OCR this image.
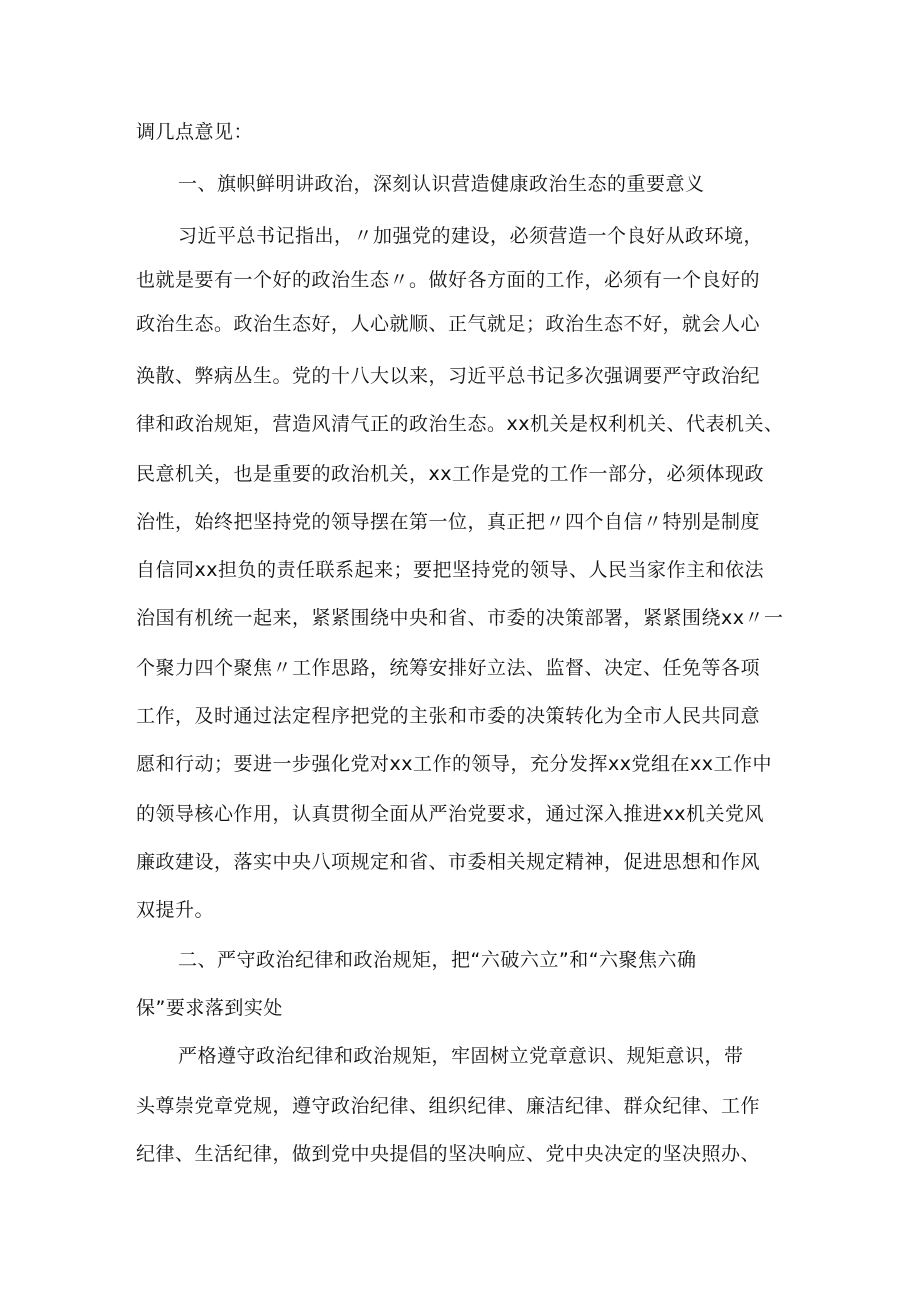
调几点意见：

一、旗帜鲜明讲政治，深刻认识营造健康政治生态的重要意义

习近平总书记指出，〃加强党的建设，必须营造一个良好从政环境，

也就是要有一个好的政治生态〃。做好各方面的工作，必须有一个良好的

政治生态。政治生态好，人心就顺、正气就足；政治生态不好，就会人心

涣散、弊病丛生。党的十八大以来，习近平总书记多次强调要严守政治纪

律和政治规矩，营造风清气正的政治生态。xx机关是权利机关、代表机关、

民意机关，也是重要的政治机关，xx工作是党的工作一部分，必须体现政

治性，始终把坚持党的领导摆在第一位，真正把〃四个自信〃特别是制度

自信同xx担负的责任联系起来；要把坚持党的领导、人民当家作主和依法

治国有机统一起来，紧紧围绕中央和省、市委的决策部署，紧紧围绕xx〃一

个聚力四个聚焦〃工作思路，统筹安排好立法、监督、决定、任免等各项

工作，及时通过法定程序把党的主张和市委的决策转化为全市人民共同意

愿和行动；要进一步强化党对xx工作的领导，充分发挥xx党组在xx工作中

的领导核心作用，认真贯彻全面从严治党要求，通过深入推进xx机关党风

廉政建设，落实中央八项规定和省、市委相关规定精神，促进思想和作风

双提升。

二、严守政治纪律和政治规矩，把“六破六立”和“六聚焦六确

保”要求落到实处

严格遵守政治纪律和政治规矩，牢固树立党章意识、规矩意识，带

头尊崇党章党规，遵守政治纪律、组织纪律、廉洁纪律、群众纪律、工作

纪律、生活纪律，做到党中央提倡的坚决响应、党中央决定的坚决照办、
